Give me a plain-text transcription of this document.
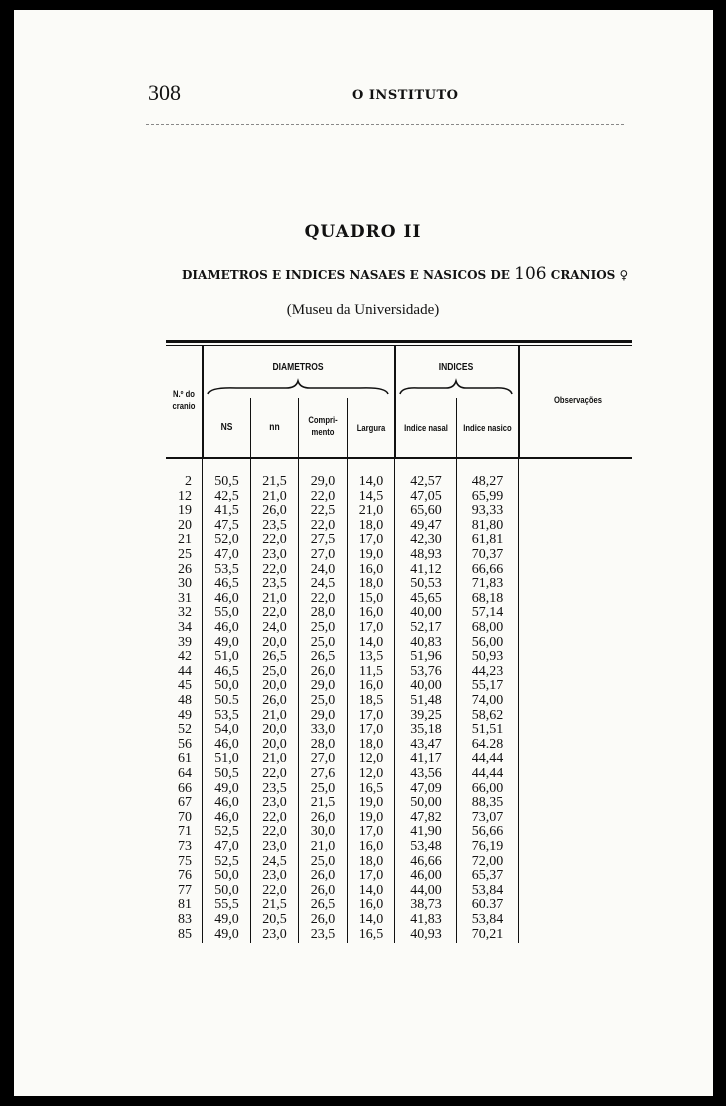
308	O INSTITUTO
QUADRO II
DIAMETROS E INDICES NASAES E NASICOS DE 106 CRANIOS ♀
(Museu da Universidade)
DIAMETROS	INDICES
N.º do cranio
Observações
NS	nn
Compri-mento	Largura	Indice nasal	Indice nasico
2	50,5	21,5	29,0	14,0	42,57	48,27
12	42,5	21,0	22,0	14,5	47,05	65,99
19	41,5	26,0	22,5	21,0	65,60	93,33
20	47,5	23,5	22,0	18,0	49,47	81,80
21	52,0	22,0	27,5	17,0	42,30	61,81
25	47,0	23,0	27,0	19,0	48,93	70,37
26	53,5	22,0	24,0	16,0	41,12	66,66
30	46,5	23,5	24,5	18,0	50,53	71,83
31	46,0	21,0	22,0	15,0	45,65	68,18
32	55,0	22,0	28,0	16,0	40,00	57,14
34	46,0	24,0	25,0	17,0	52,17	68,00
39	49,0	20,0	25,0	14,0	40,83	56,00
42	51,0	26,5	26,5	13,5	51,96	50,93
44	46,5	25,0	26,0	11,5	53,76	44,23
45	50,0	20,0	29,0	16,0	40,00	55,17
48	50.5	26,0	25,0	18,5	51,48	74,00
49	53,5	21,0	29,0	17,0	39,25	58,62
52	54,0	20,0	33,0	17,0	35,18	51,51
56	46,0	20,0	28,0	18,0	43,47	64.28
61	51,0	21,0	27,0	12,0	41,17	44,44
64	50,5	22,0	27,6	12,0	43,56	44,44
66	49,0	23,5	25,0	16,5	47,09	66,00
67	46,0	23,0	21,5	19,0	50,00	88,35
70	46,0	22,0	26,0	19,0	47,82	73,07
71	52,5	22,0	30,0	17,0	41,90	56,66
73	47,0	23,0	21,0	16,0	53,48	76,19
75	52,5	24,5	25,0	18,0	46,66	72,00
76	50,0	23,0	26,0	17,0	46,00	65,37
77	50,0	22,0	26,0	14,0	44,00	53,84
81	55,5	21,5	26,5	16,0	38,73	60.37
83	49,0	20,5	26,0	14,0	41,83	53,84
85	49,0	23,0	23,5	16,5	40,93	70,21
